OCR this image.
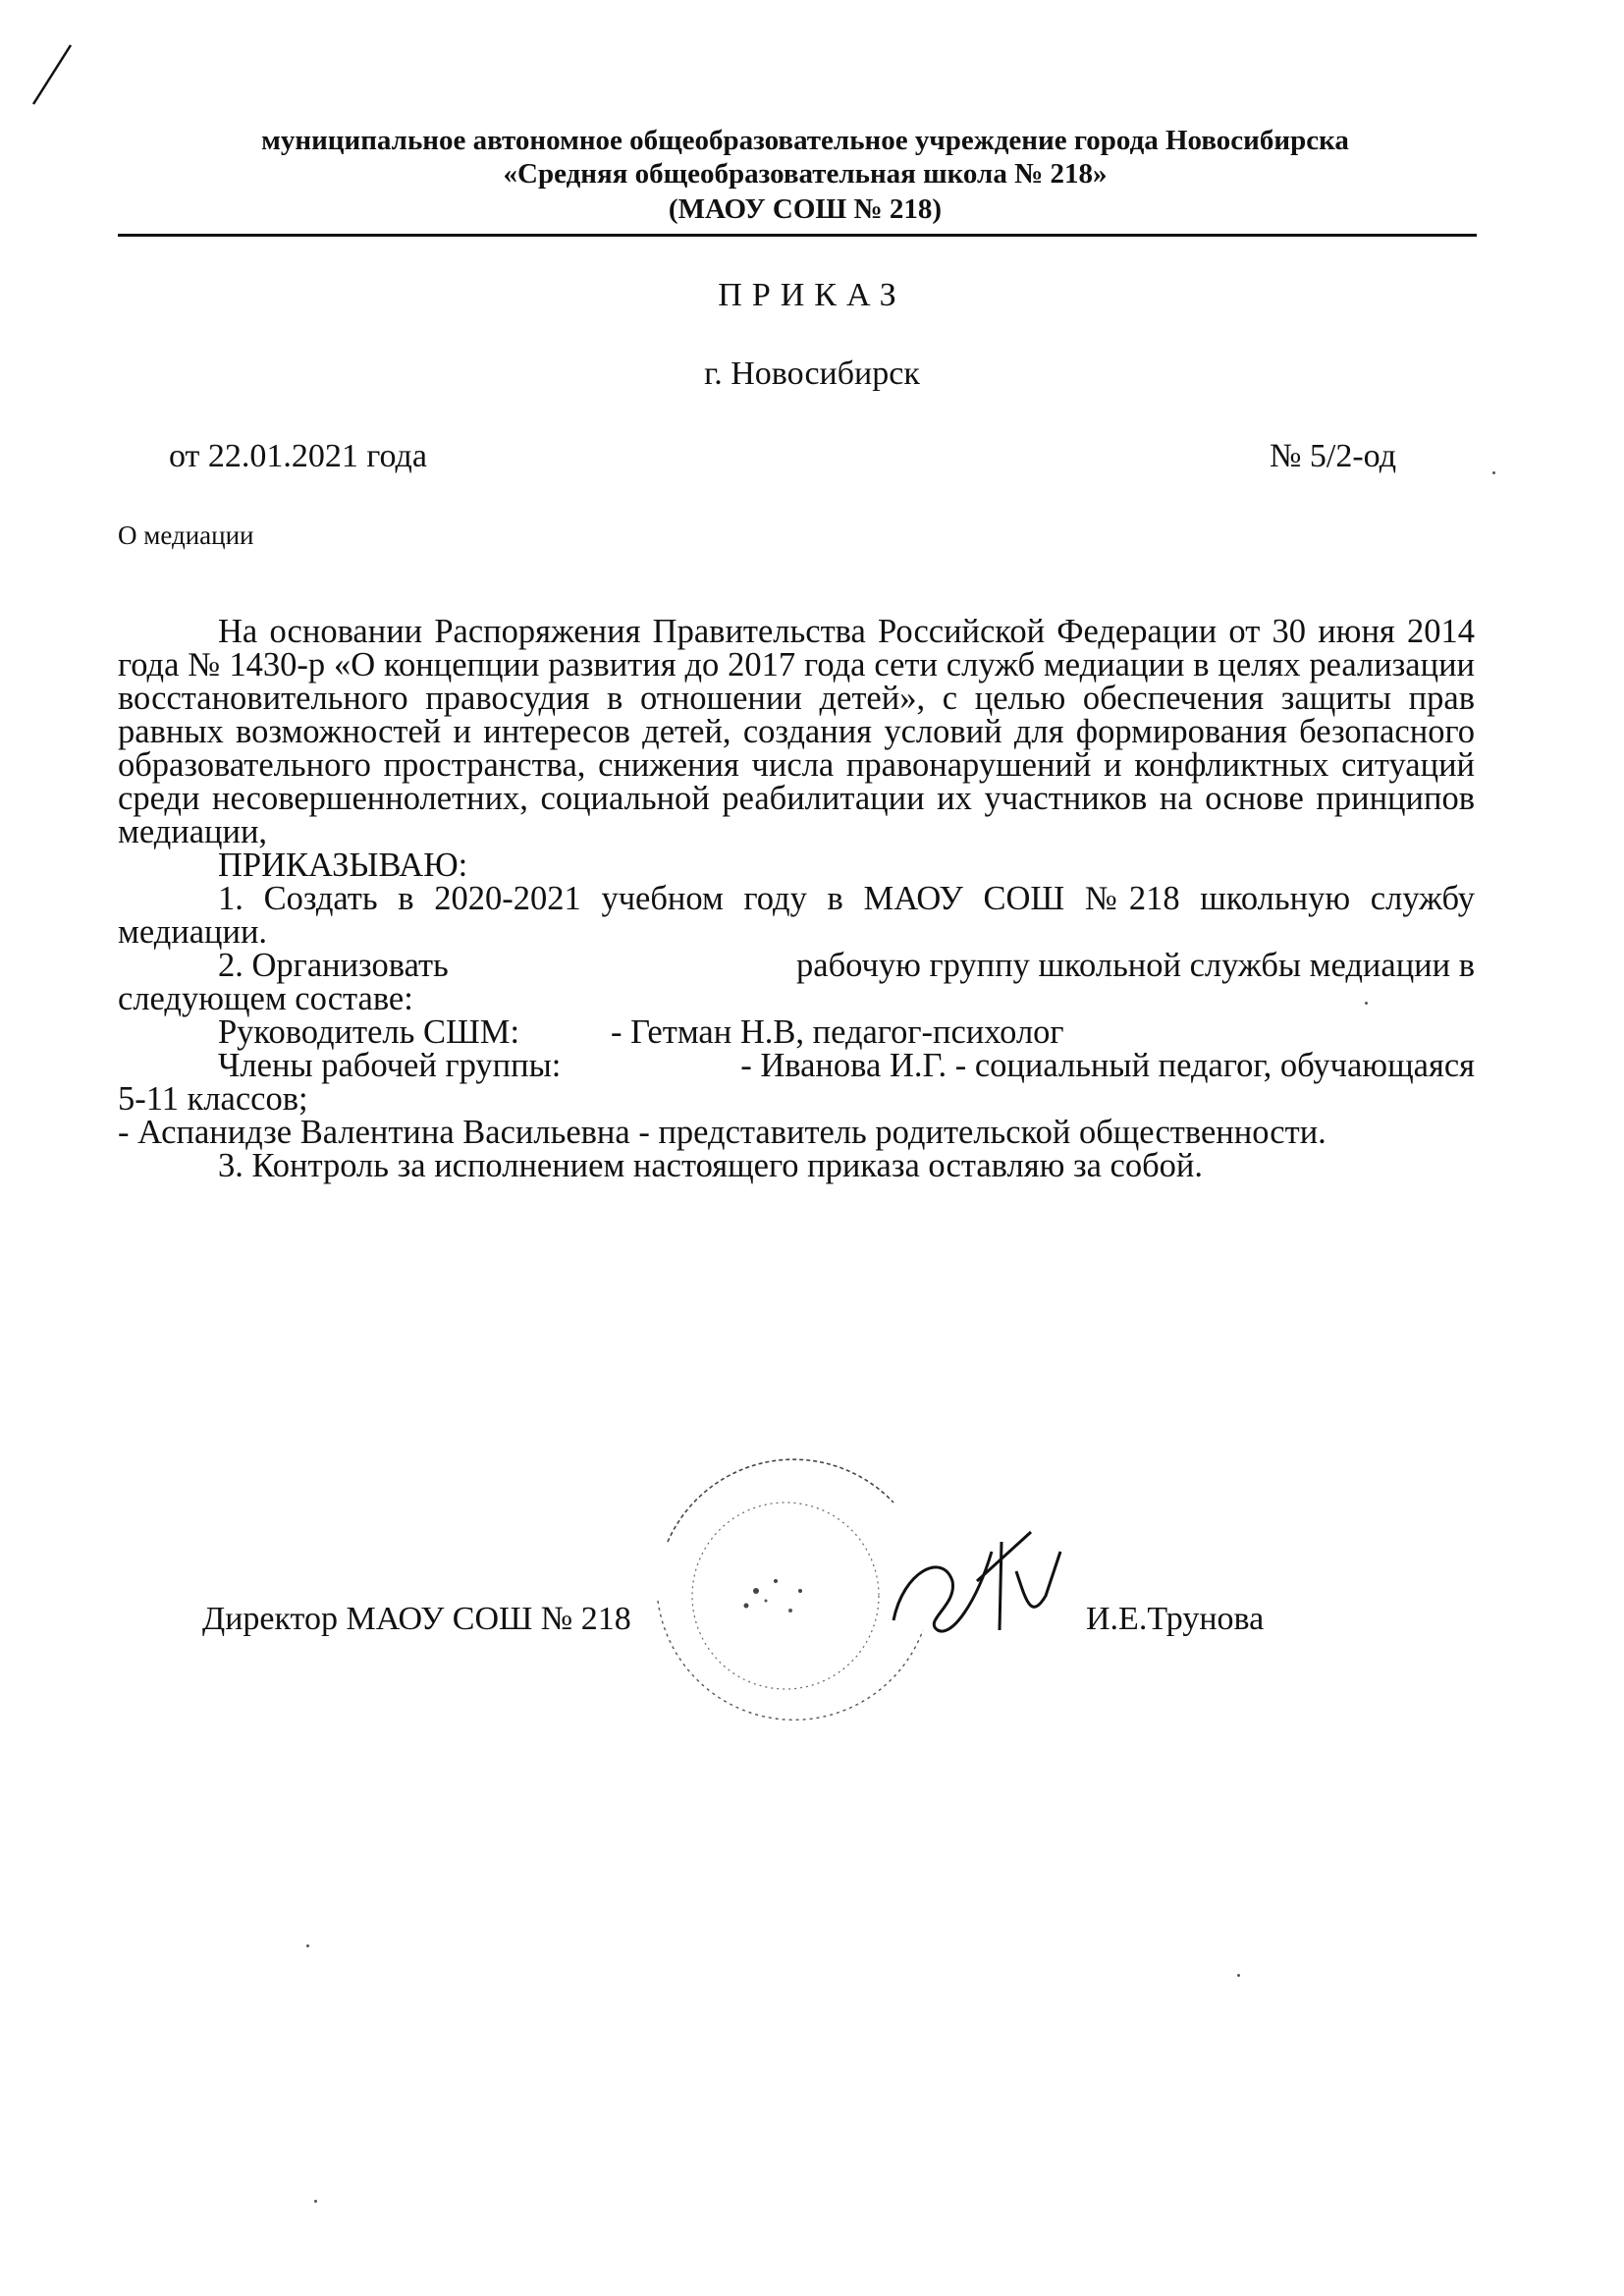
муниципальное автономное общеобразовательное учреждение города Новосибирска
«Средняя общеобразовательная школа № 218»
(МАОУ СОШ № 218)
ПРИКАЗ
г. Новосибирск
от 22.01.2021 года	№ 5/2-од
О медиации

На основании Распоряжения Правительства Российской Федерации от 30 июня 2014 года № 1430-р «О концепции развития до 2017 года сети служб медиации в целях реализации восстановительного правосудия в отношении детей», с целью обеспечения защиты прав равных возможностей и интересов детей, создания условий для формирования безопасного образовательного пространства, снижения числа правонарушений и конфликтных ситуаций среди несовершеннолетних, социальной реабилитации их участников на основе принципов медиации,

ПРИКАЗЫВАЮ:

1. Создать в 2020-2021 учебном году в МАОУ СОШ №218 школьную службу медиации.

2. Организовать	рабочую группу школьной службы медиации в

следующем составе:

Руководитель СШМ:	- Гетман Н.В, педагог-психолог

Члены рабочей группы:	- Иванова И.Г. - социальный педагог, обучающаяся

5-11 классов;

- Аспанидзе Валентина Васильевна - представитель родительской общественности.

3. Контроль за исполнением настоящего приказа оставляю за собой.

Директор МАОУ СОШ № 218	И.Е.Трунова
